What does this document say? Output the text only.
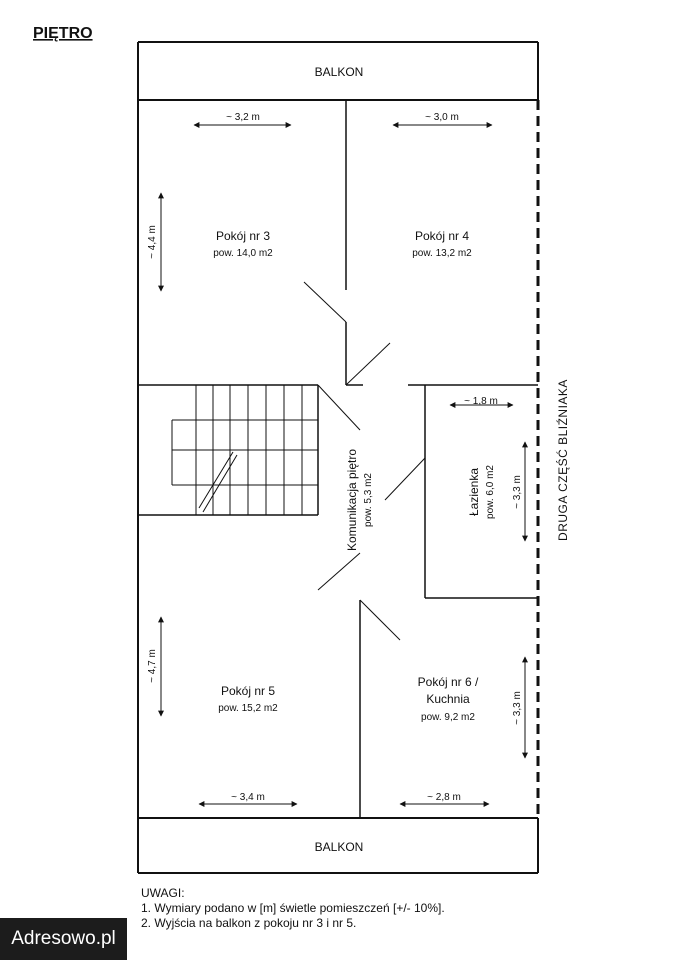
PIĘTRO
BALKON
BALKON
Pokój nr 3
pow. 14,0 m2
~ 3,2 m
~ 4,4 m	Pokój nr 4
pow. 13,2 m2
~ 3,0 m
Komunikacja piętro pow. 5,3 m2	Łazienka pow. 6,0 m2
~ 1,8 m
~ 3,3 m
Pokój nr 5
pow. 15,2 m2
~ 3,4 m
~ 4,7 m	Pokój nr 6 /
Kuchnia
pow. 9,2 m2
~ 2,8 m
~ 3,3 m
DRUGA CZĘŚĆ BLIŹNIAKA
UWAGI:
1. Wymiary podano w [m] świetle pomieszczeń [+/- 10%].
2. Wyjścia na balkon z pokoju nr 3 i nr 5.
Adresowo.pl
